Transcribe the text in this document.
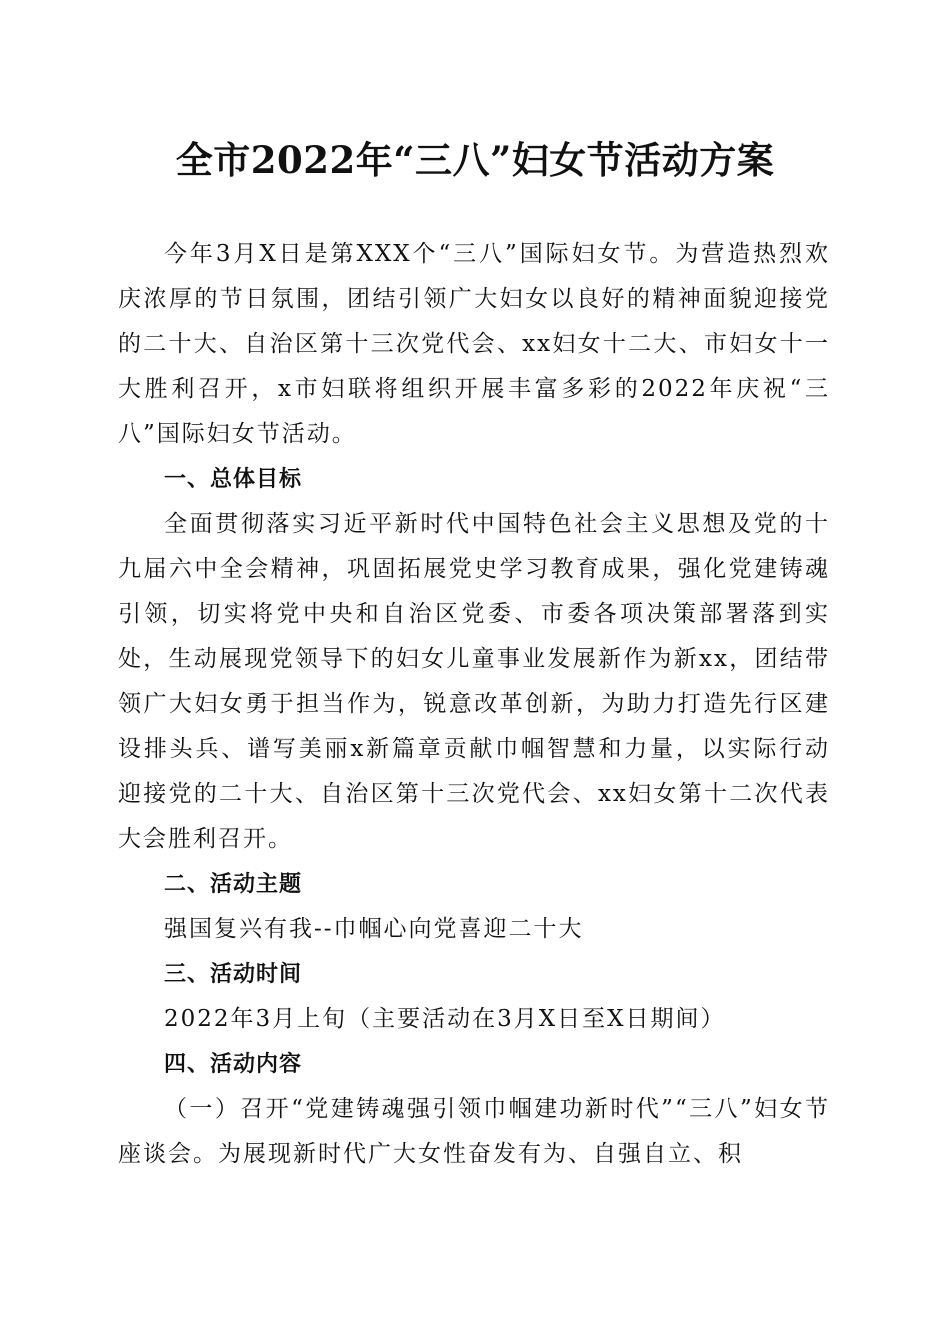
全市2022年“三八”妇女节活动方案

今年3月X日是第XXX个“三八”国际妇女节。为营造热烈欢庆浓厚的节日氛围，团结引领广大妇女以良好的精神面貌迎接党的二十大、自治区第十三次党代会、xx妇女十二大、市妇女十一大胜利召开，x市妇联将组织开展丰富多彩的2022年庆祝“三八”国际妇女节活动。

一、总体目标

全面贯彻落实习近平新时代中国特色社会主义思想及党的十九届六中全会精神，巩固拓展党史学习教育成果，强化党建铸魂引领，切实将党中央和自治区党委、市委各项决策部署落到实处，生动展现党领导下的妇女儿童事业发展新作为新xx，团结带领广大妇女勇于担当作为，锐意改革创新，为助力打造先行区建设排头兵、谱写美丽x新篇章贡献巾帼智慧和力量，以实际行动迎接党的二十大、自治区第十三次党代会、xx妇女第十二次代表大会胜利召开。

二、活动主题

强国复兴有我--巾帼心向党喜迎二十大

三、活动时间

2022年3月上旬（主要活动在3月X日至X日期间）

四、活动内容

（一）召开“党建铸魂强引领巾帼建功新时代”“三八”妇女节座谈会。为展现新时代广大女性奋发有为、自强自立、积
